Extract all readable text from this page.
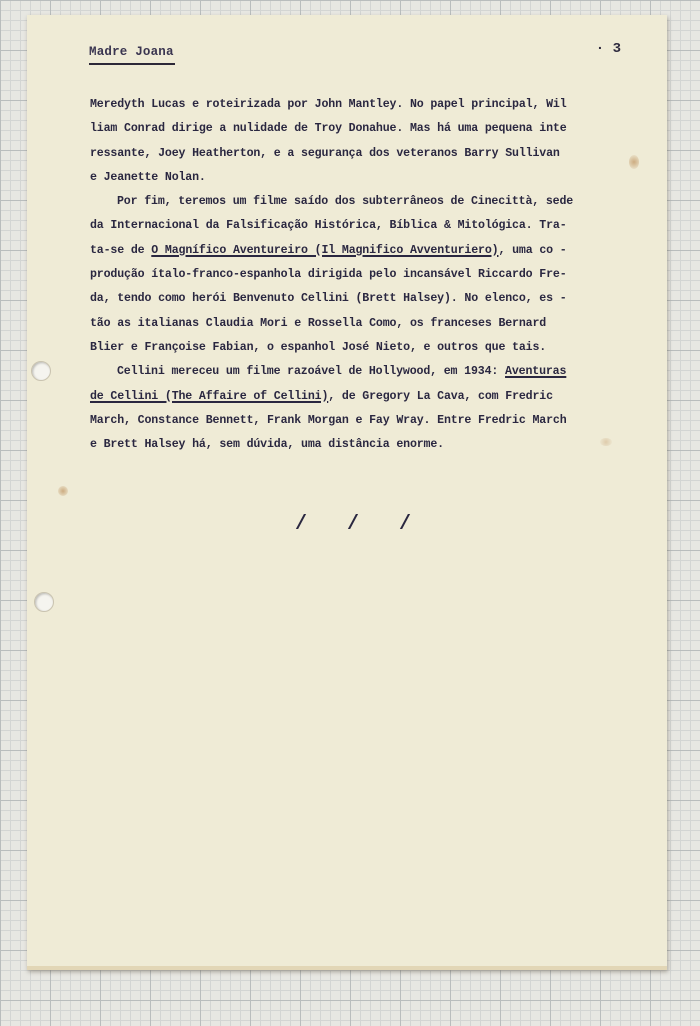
Madre Joana	· 3
Meredyth Lucas e roteirizada por John Mantley. No papel principal, Wil
liam Conrad dirige a nulidade de Troy Donahue. Mas há uma pequena inte
ressante, Joey Heatherton, e a segurança dos veteranos Barry Sullivan
e Jeanette Nolan.
Por fim, teremos um filme saído dos subterrâneos de Cinecittà, sede
da Internacional da Falsificação Histórica, Bíblica & Mitológica. Tra-
ta-se de O Magnífico Aventureiro (Il Magnifico Avventuriero), uma co -
produção ítalo-franco-espanhola dirigida pelo incansável Riccardo Fre-
da, tendo como herói Benvenuto Cellini (Brett Halsey). No elenco, es -
tão as italianas Claudia Mori e Rossella Como, os franceses Bernard
Blier e Françoise Fabian, o espanhol José Nieto, e outros que tais.
Cellini mereceu um filme razoável de Hollywood, em 1934: Aventuras
de Cellini (The Affaire of Cellini), de Gregory La Cava, com Fredric
March, Constance Bennett, Frank Morgan e Fay Wray. Entre Fredric March
e Brett Halsey há, sem dúvida, uma distância enorme.
/ / /
